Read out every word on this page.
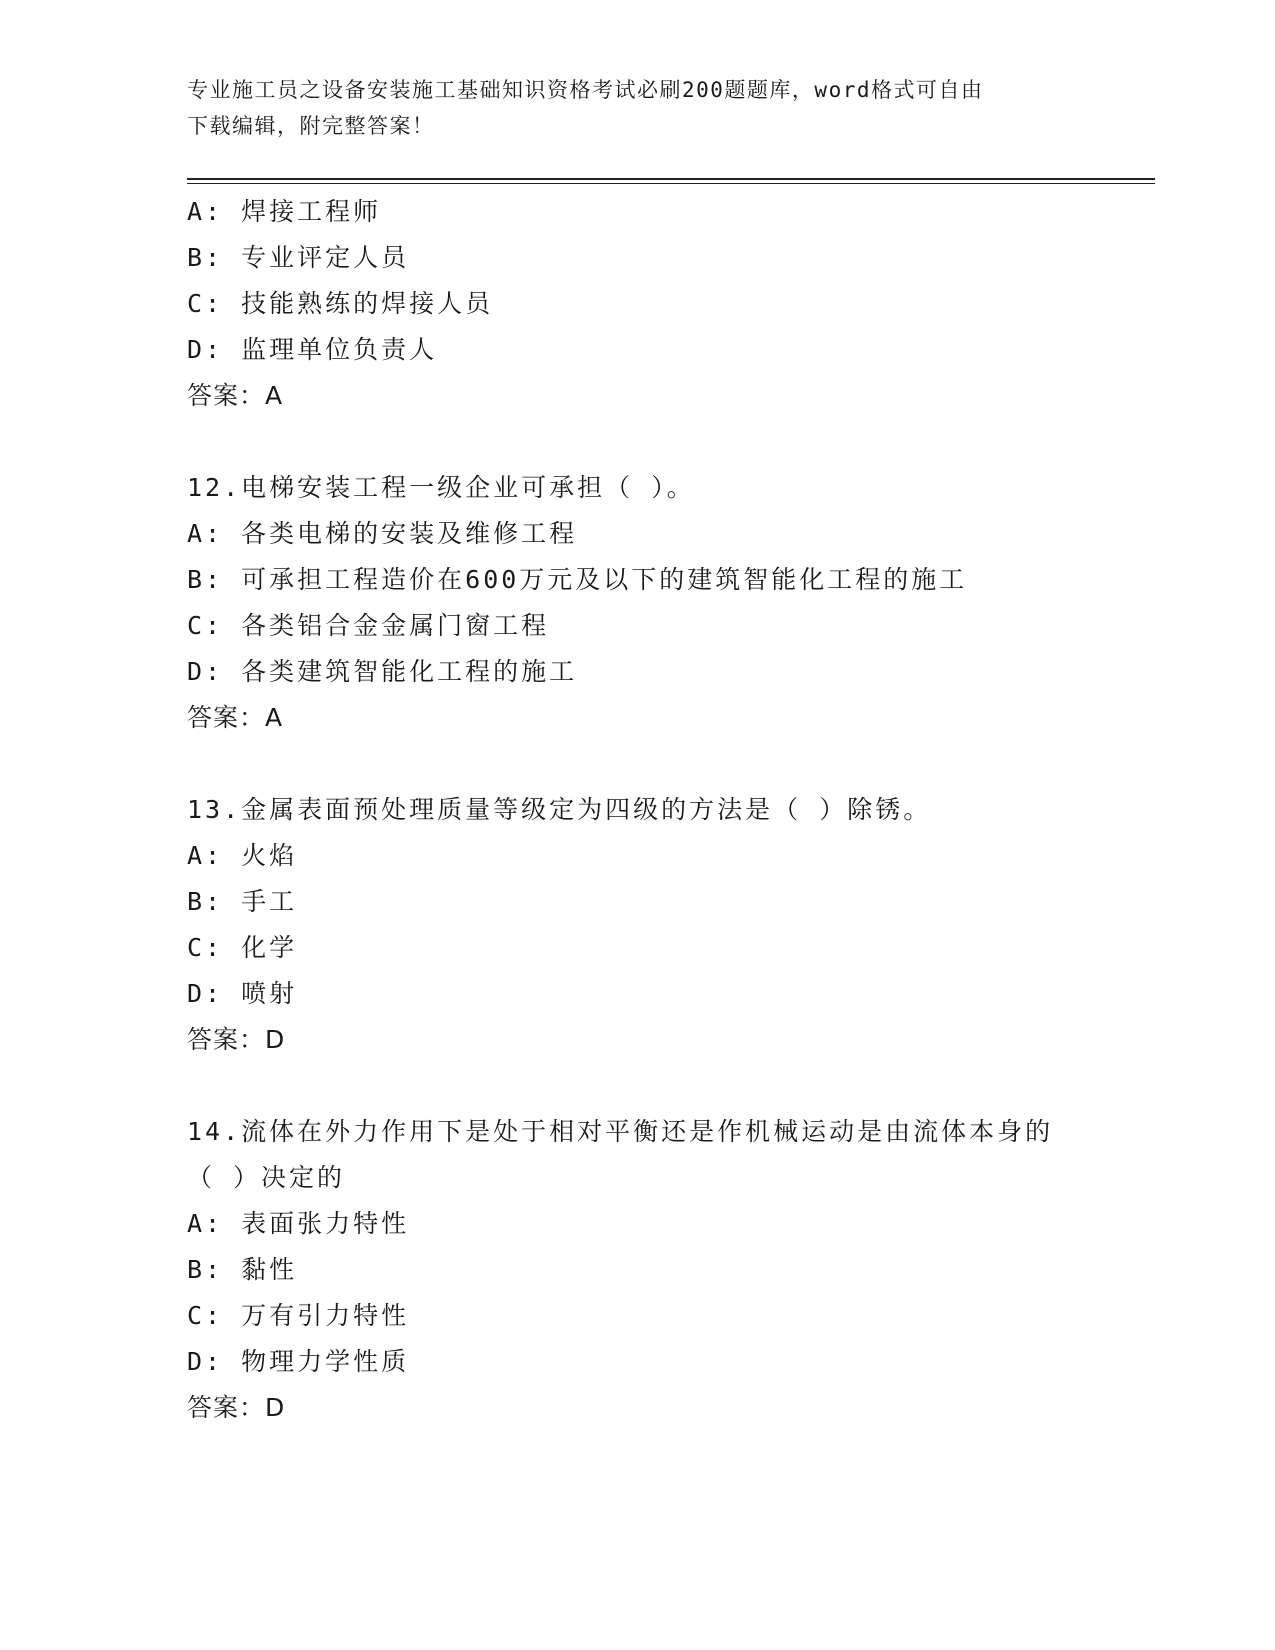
专业施工员之设备安装施工基础知识资格考试必刷200题题库，word格式可自由
下载编辑，附完整答案！
A: 焊接工程师
B: 专业评定人员
C: 技能熟练的焊接人员
D: 监理单位负责人
答案：A
12.电梯安装工程一级企业可承担（ ）。
A: 各类电梯的安装及维修工程
B: 可承担工程造价在600万元及以下的建筑智能化工程的施工
C: 各类铝合金金属门窗工程
D: 各类建筑智能化工程的施工
答案：A
13.金属表面预处理质量等级定为四级的方法是（ ）除锈。
A: 火焰
B: 手工
C: 化学
D: 喷射
答案：D
14.流体在外力作用下是处于相对平衡还是作机械运动是由流体本身的
（ ）决定的
A: 表面张力特性
B: 黏性
C: 万有引力特性
D: 物理力学性质
答案：D
